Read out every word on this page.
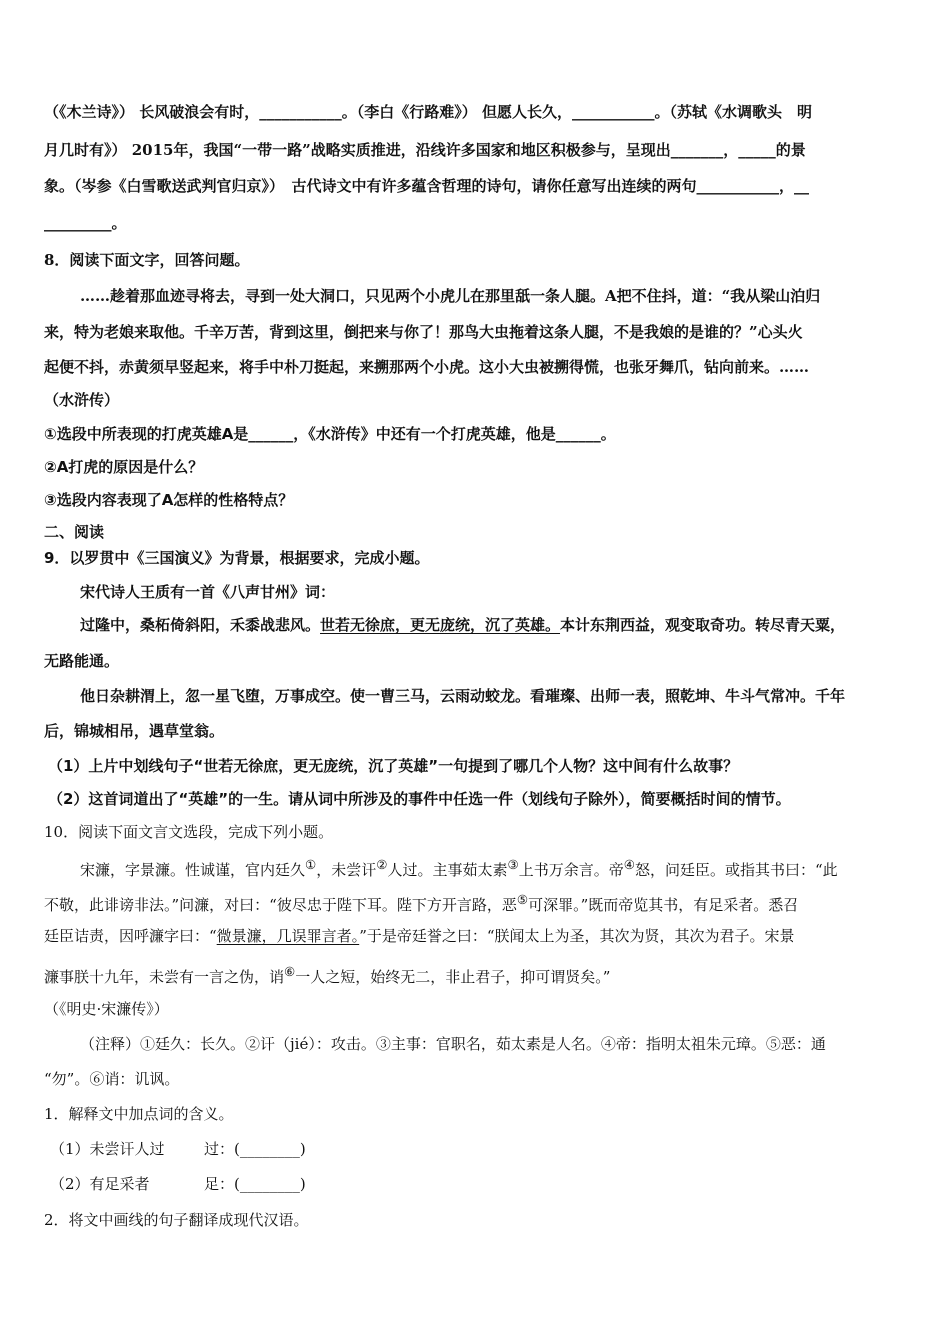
（《木兰诗》） 长风破浪会有时，___________。（李白《行路难》） 但愿人长久，___________。（苏轼《水调歌头　明
月几时有》） 2015年，我国“一带一路”战略实质推进，沿线许多国家和地区积极参与，呈现出_______，_____的景
象。（岑参《白雪歌送武判官归京》）　古代诗文中有许多蕴含哲理的诗句，请你任意写出连续的两句___________，__
_________。
8．阅读下面文字，回答问题。
……趁着那血迹寻将去，寻到一处大洞口，只见两个小虎儿在那里舐一条人腿。A把不住抖，道：“我从梁山泊归
来，特为老娘来取他。千辛万苦，背到这里，倒把来与你了！那鸟大虫拖着这条人腿，不是我娘的是谁的？”心头火
起便不抖，赤黄须早竖起来，将手中朴刀挺起，来搠那两个小虎。这小大虫被搠得慌，也张牙舞爪，钻向前来。……
（水浒传）
①选段中所表现的打虎英雄A是______，《水浒传》中还有一个打虎英雄，他是______。
②A打虎的原因是什么？
③选段内容表现了A怎样的性格特点？
二、阅读
9．以罗贯中《三国演义》为背景，根据要求，完成小题。
宋代诗人王质有一首《八声甘州》词：
过隆中，桑柘倚斜阳，禾黍战悲风。世若无徐庶，更无庞统，沉了英雄。本计东荆西益，观变取奇功。转尽青天粟，
无路能通。
他日杂耕渭上，忽一星飞堕，万事成空。使一曹三马，云雨动蛟龙。看璀璨、出师一表，照乾坤、牛斗气常冲。千年
后，锦城相吊，遇草堂翁。
（1）上片中划线句子“世若无徐庶，更无庞统，沉了英雄”一句提到了哪几个人物？这中间有什么故事？
（2）这首词道出了“英雄”的一生。请从词中所涉及的事件中任选一件（划线句子除外），简要概括时间的情节。
10．阅读下面文言文选段，完成下列小题。
宋濂，字景濂。性诚谨，官内廷久①，未尝讦②人过。主事茹太素③上书万余言。帝④怒，问廷臣。或指其书曰：“此
不敬，此诽谤非法。”问濂，对曰：“彼尽忠于陛下耳。陛下方开言路，恶⑤可深罪。”既而帝览其书，有足采者。悉召
廷臣诘责，因呼濂字曰：“微景濂，几误罪言者。”于是帝廷誉之曰：“朕闻太上为圣，其次为贤，其次为君子。宋景
濂事朕十九年，未尝有一言之伪，诮⑥一人之短，始终无二，非止君子，抑可谓贤矣。”
（《明史·宋濂传》）
（注释）①廷久：长久。②讦（jié）：攻击。③主事：官职名，茹太素是人名。④帝：指明太祖朱元璋。⑤恶：通
“勿”。⑥诮：讥讽。
1．解释文中加点词的含义。
（1）未尝讦人过	过：(________)
（2）有足采者	足：(________)
2．将文中画线的句子翻译成现代汉语。
